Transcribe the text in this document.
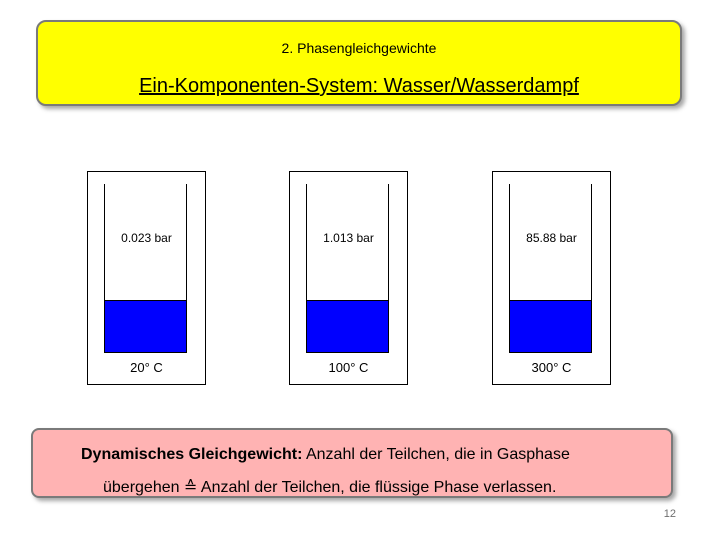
2. Phasengleichgewichte
Ein-Komponenten-System: Wasser/Wasserdampf
0.023 bar
20° C
1.013 bar
100° C
85.88 bar
300° C
Dynamisches Gleichgewicht: Anzahl der Teilchen, die in Gasphase
übergehen ≙ Anzahl der Teilchen, die flüssige Phase verlassen.
12
